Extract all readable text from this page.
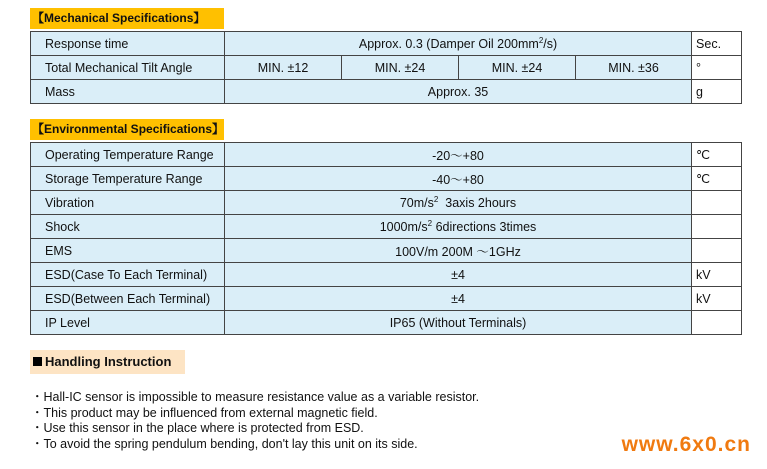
【Mechanical Specifications】
Response time	Approx. 0.3 (Damper Oil $200mm^2/s$)				Sec.
Total Mechanical Tilt Angle	MIN. ±12	MIN. ±24	MIN. ±24	MIN. ±36	°
Mass	Approx. 35				g
【Environmental Specifications】
Operating Temperature Range	-20～+80	℃
Storage Temperature Range	-40～+80	℃
Vibration	$70m/s^2$  3axis 2hours	
Shock	$1000m/s^2$ 6directions 3times	
EMS	100V/m 200M ～1GHz	
ESD(Case To Each Terminal)	±4	kV
ESD(Between Each Terminal)	±4	kV
IP Level	IP65 (Without Terminals)	
Handling Instruction
・Hall-IC sensor is impossible to measure resistance value as a variable resistor.
・This product may be influenced from external magnetic field.
・Use this sensor in the place where is protected from ESD.
・To avoid the spring pendulum bending, don't lay this unit on its side.	www.6x0.cn
